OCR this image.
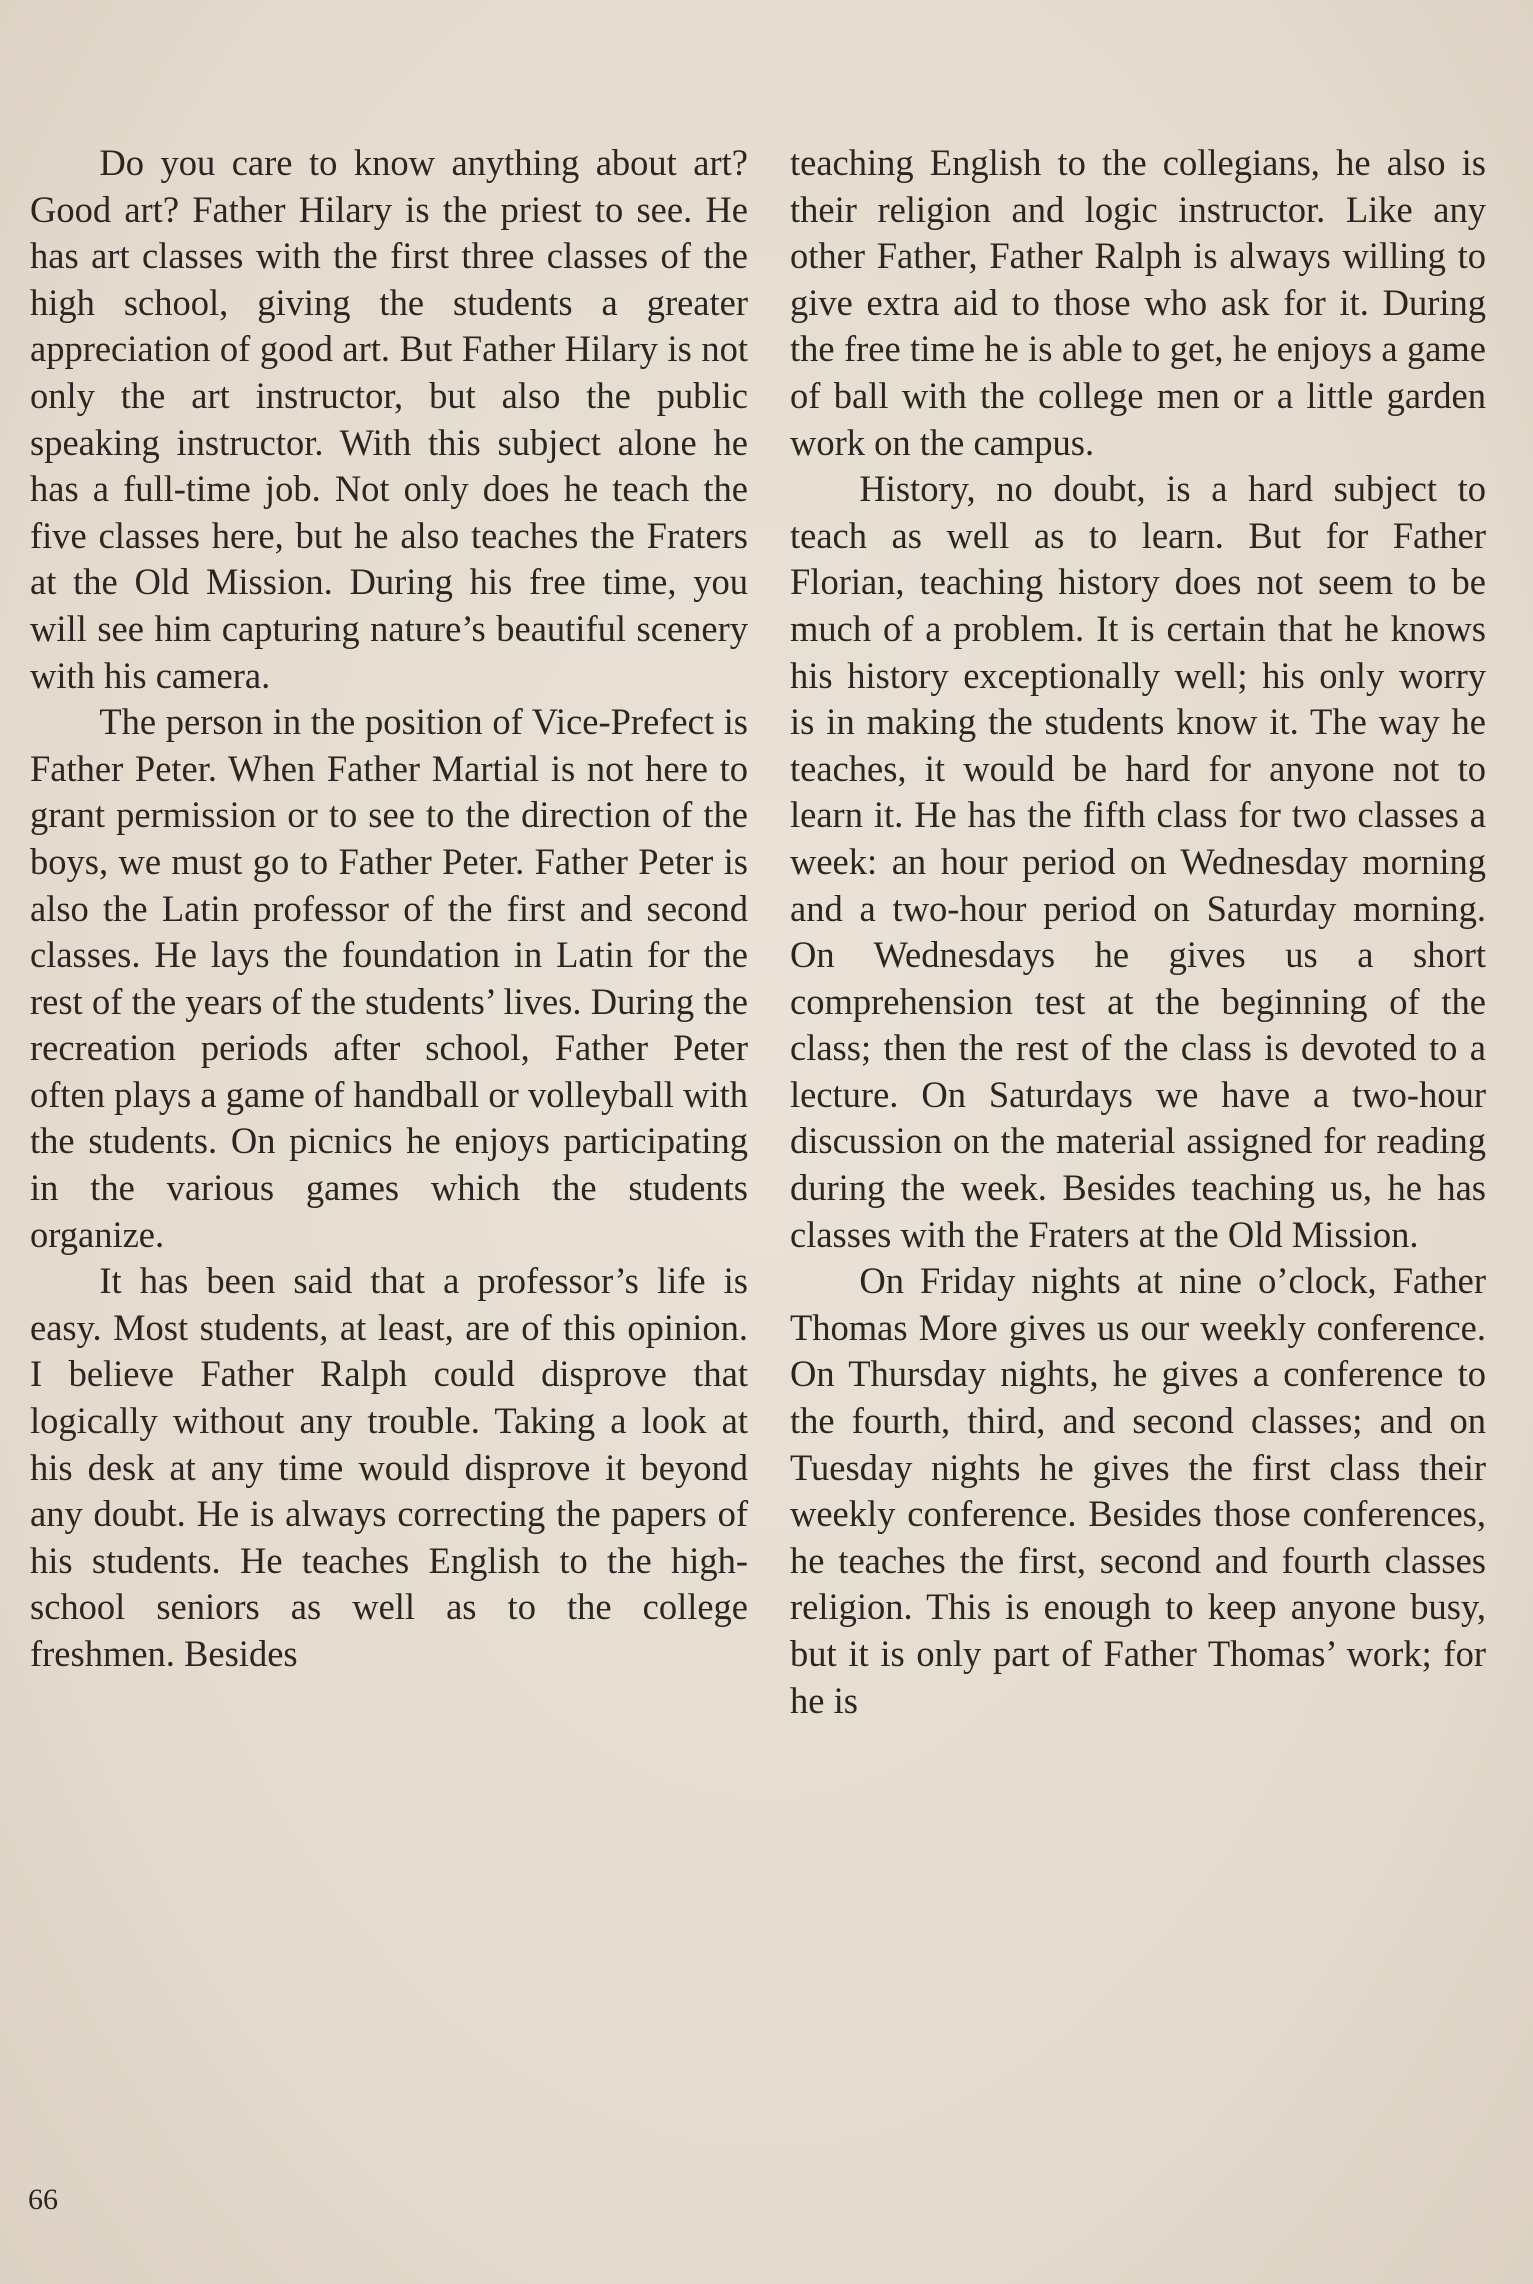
Do you care to know anything about art? Good art? Father Hilary is the priest to see. He has art classes with the first three classes of the high school, giving the students a greater appreciation of good art. But Father Hilary is not only the art instructor, but also the public speaking instructor. With this subject alone he has a full-time job. Not only does he teach the five classes here, but he also teaches the Fraters at the Old Mission. During his free time, you will see him capturing nature’s beautiful scenery with his camera.

The person in the position of Vice-Prefect is Father Peter. When Father Martial is not here to grant permission or to see to the direction of the boys, we must go to Father Peter. Father Peter is also the Latin professor of the first and second classes. He lays the foundation in Latin for the rest of the years of the students’ lives. During the recreation periods after school, Father Peter often plays a game of handball or volleyball with the students. On picnics he enjoys participating in the various games which the students organize.

It has been said that a professor’s life is easy. Most students, at least, are of this opinion. I believe Father Ralph could disprove that logically without any trouble. Taking a look at his desk at any time would disprove it beyond any doubt. He is always correcting the papers of his students. He teaches English to the high-school seniors as well as to the college freshmen. Besides

teaching English to the collegians, he also is their religion and logic instructor. Like any other Father, Father Ralph is always willing to give extra aid to those who ask for it. During the free time he is able to get, he enjoys a game of ball with the college men or a little garden work on the campus.

History, no doubt, is a hard subject to teach as well as to learn. But for Father Florian, teaching history does not seem to be much of a problem. It is certain that he knows his history exceptionally well; his only worry is in making the students know it. The way he teaches, it would be hard for anyone not to learn it. He has the fifth class for two classes a week: an hour period on Wednesday morning and a two-hour period on Saturday morning. On Wednesdays he gives us a short comprehension test at the beginning of the class; then the rest of the class is devoted to a lecture. On Saturdays we have a two-hour discussion on the material assigned for reading during the week. Besides teaching us, he has classes with the Fraters at the Old Mission.

On Friday nights at nine o’clock, Father Thomas More gives us our weekly conference. On Thursday nights, he gives a conference to the fourth, third, and second classes; and on Tuesday nights he gives the first class their weekly conference. Besides those conferences, he teaches the first, second and fourth classes religion. This is enough to keep anyone busy, but it is only part of Father Thomas’ work; for he is

66
